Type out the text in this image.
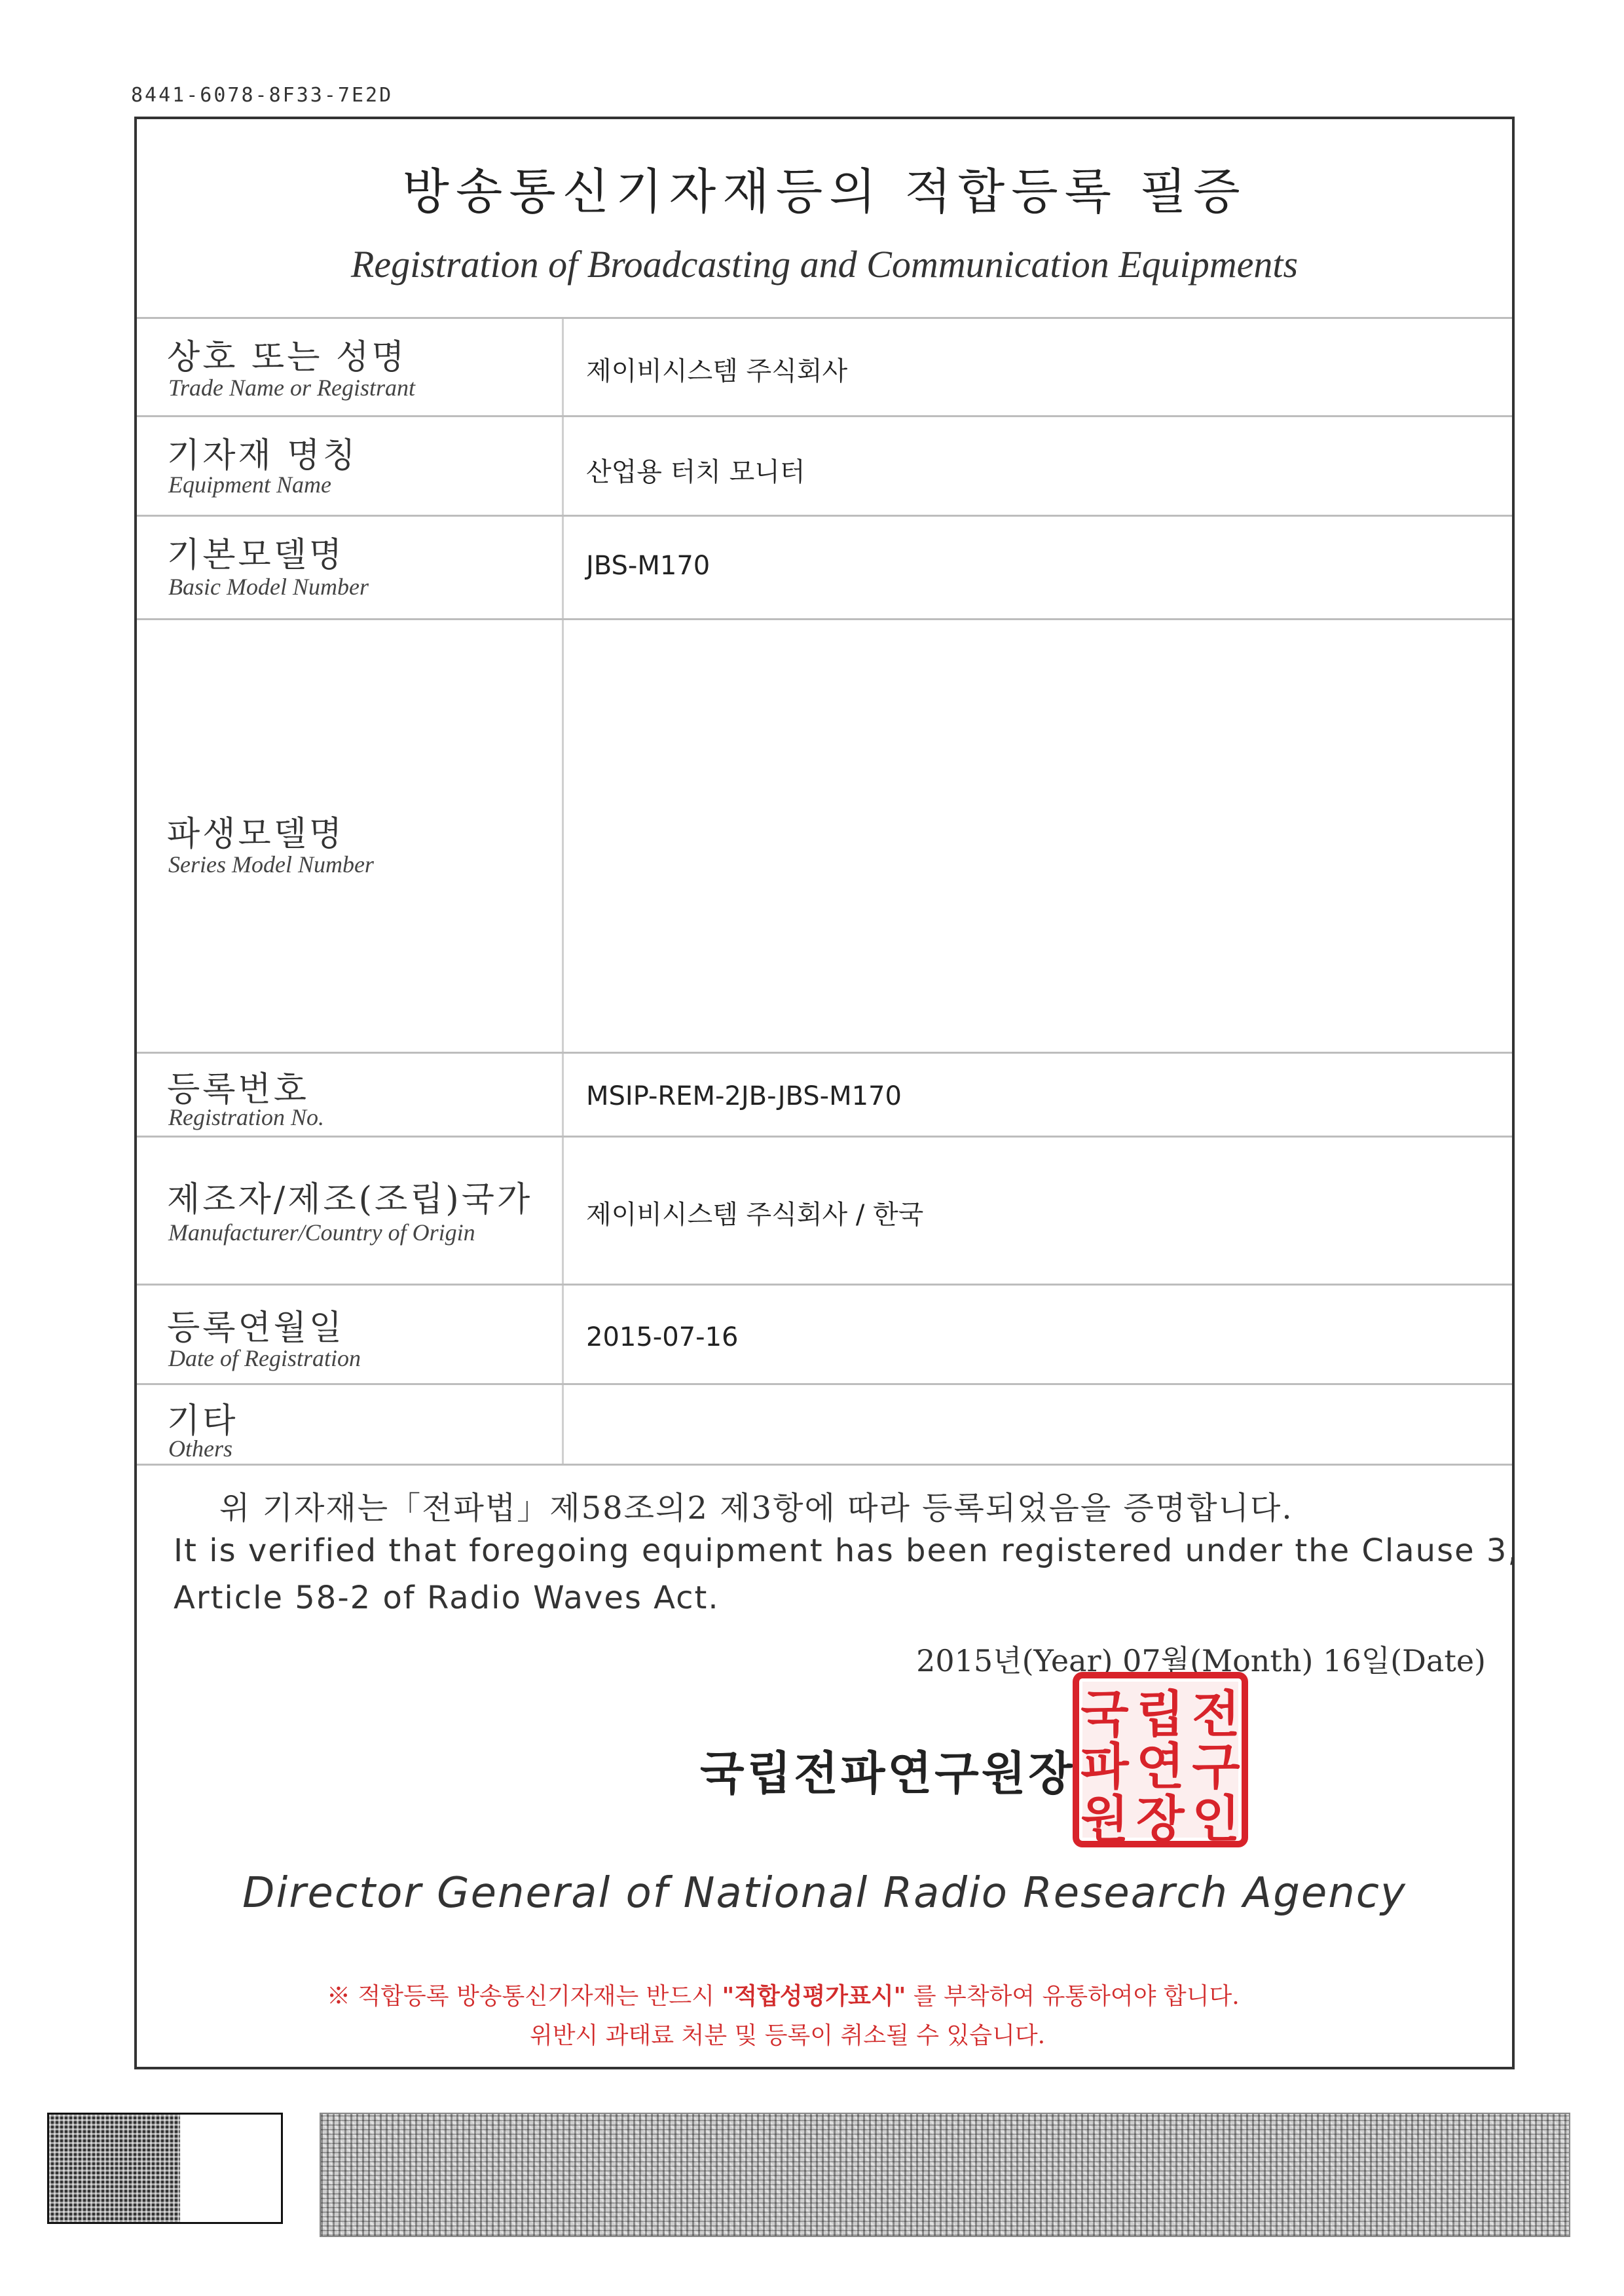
8441-6078-8F33-7E2D
방송통신기자재등의 적합등록 필증
Registration of Broadcasting and Communication Equipments
상호 또는 성명
Trade Name or Registrant
제이비시스템 주식회사
기자재 명칭
Equipment Name	산업용 터치 모니터
기본모델명
Basic Model Number
JBS-M170
파생모델명
Series Model Number
등록번호
Registration No.
MSIP-REM-2JB-JBS-M170
제조자/제조(조립)국가
Manufacturer/Country of Origin
제이비시스템 주식회사 / 한국
등록연월일
Date of Registration
2015-07-16
기타
Others
위 기자재는「전파법」제58조의2 제3항에 따라 등록되었음을 증명합니다.
It is verified that foregoing equipment has been registered under the Clause 3,
Article 58-2 of Radio Waves Act.
2015년(Year) 07월(Month) 16일(Date)
국립전파연구원장
국 립 전
파 연 구
원 장 인
Director General of National Radio Research Agency
※ 적합등록 방송통신기자재는 반드시 "적합성평가표시" 를 부착하여 유통하여야 합니다.
위반시 과태료 처분 및 등록이 취소될 수 있습니다.
